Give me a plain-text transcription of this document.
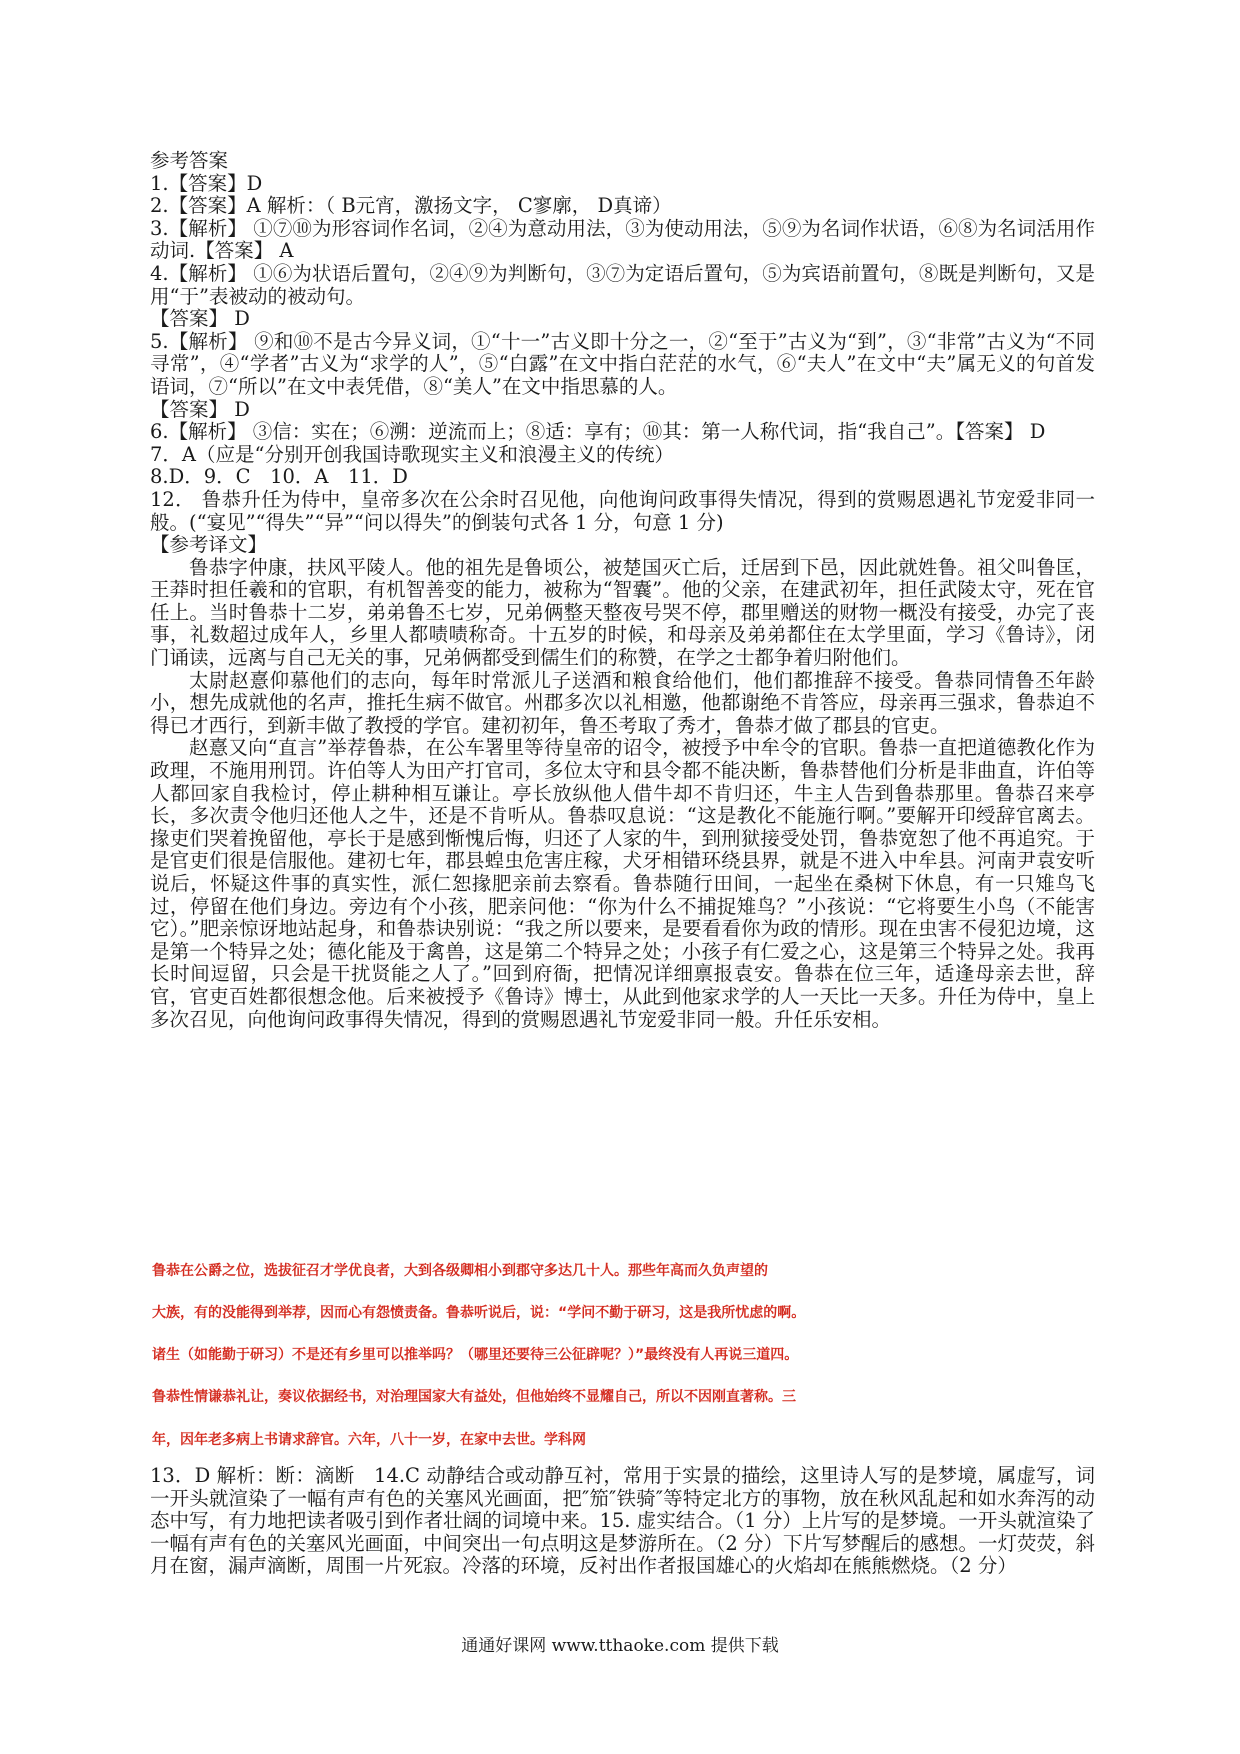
参考答案

1.【答案】D

2.【答案】A 解析：（ B元宵，激扬文字， C寥廓， D真谛）

3.【解析】 ①⑦⑩为形容词作名词，②④为意动用法，③为使动用法，⑤⑨为名词作状语，⑥⑧为名词活用作动词.【答案】 A

4.【解析】 ①⑥为状语后置句，②④⑨为判断句，③⑦为定语后置句，⑤为宾语前置句，⑧既是判断句，又是用“于”表被动的被动句。

【答案】 D

5.【解析】 ⑨和⑩不是古今异义词，①“十一”古义即十分之一，②“至于”古义为“到”，③“非常”古义为“不同寻常”，④“学者”古义为“求学的人”，⑤“白露”在文中指白茫茫的水气，⑥“夫人”在文中“夫”属无义的句首发语词，⑦“所以”在文中表凭借，⑧“美人”在文中指思慕的人。

【答案】 D

6.【解析】 ③信：实在；⑥溯：逆流而上；⑧适：享有；⑩其：第一人称代词，指“我自己”。【答案】 D

7．A（应是“分别开创我国诗歌现实主义和浪漫主义的传统）

8.D．9．C　10．A　11．D

12． 鲁恭升任为侍中，皇帝多次在公余时召见他，向他询问政事得失情况，得到的赏赐恩遇礼节宠爱非同一般。(“宴见”“得失”“异”“问以得失”的倒装句式各 1 分，句意 1 分)

【参考译文】

鲁恭字仲康，扶风平陵人。他的祖先是鲁顷公，被楚国灭亡后，迁居到下邑，因此就姓鲁。祖父叫鲁匡，王莽时担任羲和的官职，有机智善变的能力，被称为“智囊”。他的父亲，在建武初年，担任武陵太守，死在官任上。当时鲁恭十二岁，弟弟鲁丕七岁，兄弟俩整天整夜号哭不停，郡里赠送的财物一概没有接受，办完了丧事，礼数超过成年人，乡里人都啧啧称奇。十五岁的时候，和母亲及弟弟都住在太学里面，学习《鲁诗》，闭门诵读，远离与自己无关的事，兄弟俩都受到儒生们的称赞，在学之士都争着归附他们。

太尉赵憙仰慕他们的志向，每年时常派儿子送酒和粮食给他们，他们都推辞不接受。鲁恭同情鲁丕年龄小，想先成就他的名声，推托生病不做官。州郡多次以礼相邀，他都谢绝不肯答应，母亲再三强求，鲁恭迫不得已才西行，到新丰做了教授的学官。建初初年，鲁丕考取了秀才，鲁恭才做了郡县的官吏。

赵憙又向“直言”举荐鲁恭，在公车署里等待皇帝的诏令，被授予中牟令的官职。鲁恭一直把道德教化作为政理，不施用刑罚。许伯等人为田产打官司，多位太守和县令都不能决断，鲁恭替他们分析是非曲直，许伯等人都回家自我检讨，停止耕种相互谦让。亭长放纵他人借牛却不肯归还，牛主人告到鲁恭那里。鲁恭召来亭长，多次责令他归还他人之牛，还是不肯听从。鲁恭叹息说：“这是教化不能施行啊。”要解开印绶辞官离去。掾吏们哭着挽留他，亭长于是感到惭愧后悔，归还了人家的牛，到刑狱接受处罚，鲁恭宽恕了他不再追究。于是官吏们很是信服他。建初七年，郡县蝗虫危害庄稼，犬牙相错环绕县界，就是不进入中牟县。河南尹袁安听说后，怀疑这件事的真实性，派仁恕掾肥亲前去察看。鲁恭随行田间，一起坐在桑树下休息，有一只雉鸟飞过，停留在他们身边。旁边有个小孩，肥亲问他：“你为什么不捕捉雉鸟？”小孩说：“它将要生小鸟（不能害它）。”肥亲惊讶地站起身，和鲁恭诀别说：“我之所以要来，是要看看你为政的情形。现在虫害不侵犯边境，这是第一个特异之处；德化能及于禽兽，这是第二个特异之处；小孩子有仁爱之心，这是第三个特异之处。我再长时间逗留，只会是干扰贤能之人了。”回到府衙，把情况详细禀报袁安。鲁恭在位三年，适逢母亲去世，辞官，官吏百姓都很想念他。后来被授予《鲁诗》博士，从此到他家求学的人一天比一天多。升任为侍中，皇上多次召见，向他询问政事得失情况，得到的赏赐恩遇礼节宠爱非同一般。升任乐安相。

鲁恭在公爵之位，选拔征召才学优良者，大到各级卿相小到郡守多达几十人。那些年高而久负声望的
大族，有的没能得到举荐，因而心有怨愤责备。鲁恭听说后，说：“学问不勤于研习，这是我所忧虑的啊。
诸生（如能勤于研习）不是还有乡里可以推举吗？（哪里还要待三公征辟呢？）”最终没有人再说三道四。
鲁恭性情谦恭礼让，奏议依据经书，对治理国家大有益处，但他始终不显耀自己，所以不因刚直著称。三
年，因年老多病上书请求辞官。六年，八十一岁，在家中去世。学科网

13．D 解析：断：滴断　14.C 动静结合或动静互衬，常用于实景的描绘，这里诗人写的是梦境，属虚写，词一开头就渲染了一幅有声有色的关塞风光画面，把″笳″铁骑″等特定北方的事物，放在秋风乱起和如水奔泻的动态中写，有力地把读者吸引到作者壮阔的词境中来。15. 虚实结合。（1 分）上片写的是梦境。一开头就渲染了一幅有声有色的关塞风光画面，中间突出一句点明这是梦游所在。（2 分）下片写梦醒后的感想。一灯荧荧，斜月在窗，漏声滴断，周围一片死寂。冷落的环境，反衬出作者报国雄心的火焰却在熊熊燃烧。（2 分）

通通好课网 www.tthaoke.com 提供下载
